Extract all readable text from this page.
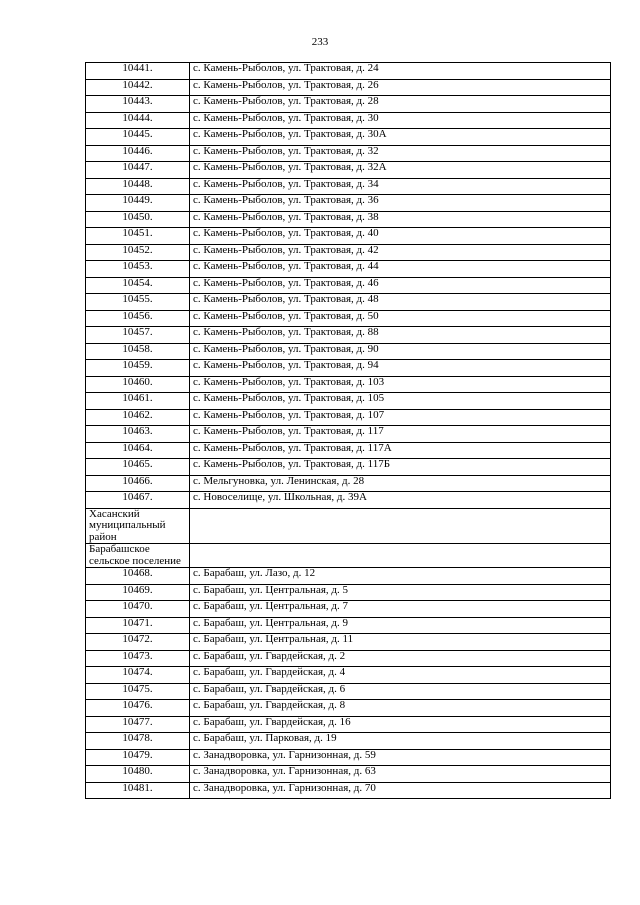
233
10441.	с. Камень-Рыболов, ул. Трактовая, д. 24
10442.	с. Камень-Рыболов, ул. Трактовая, д. 26
10443.	с. Камень-Рыболов, ул. Трактовая, д. 28
10444.	с. Камень-Рыболов, ул. Трактовая, д. 30
10445.	с. Камень-Рыболов, ул. Трактовая, д. 30А
10446.	с. Камень-Рыболов, ул. Трактовая, д. 32
10447.	с. Камень-Рыболов, ул. Трактовая, д. 32А
10448.	с. Камень-Рыболов, ул. Трактовая, д. 34
10449.	с. Камень-Рыболов, ул. Трактовая, д. 36
10450.	с. Камень-Рыболов, ул. Трактовая, д. 38
10451.	с. Камень-Рыболов, ул. Трактовая, д. 40
10452.	с. Камень-Рыболов, ул. Трактовая, д. 42
10453.	с. Камень-Рыболов, ул. Трактовая, д. 44
10454.	с. Камень-Рыболов, ул. Трактовая, д. 46
10455.	с. Камень-Рыболов, ул. Трактовая, д. 48
10456.	с. Камень-Рыболов, ул. Трактовая, д. 50
10457.	с. Камень-Рыболов, ул. Трактовая, д. 88
10458.	с. Камень-Рыболов, ул. Трактовая, д. 90
10459.	с. Камень-Рыболов, ул. Трактовая, д. 94
10460.	с. Камень-Рыболов, ул. Трактовая, д. 103
10461.	с. Камень-Рыболов, ул. Трактовая, д. 105
10462.	с. Камень-Рыболов, ул. Трактовая, д. 107
10463.	с. Камень-Рыболов, ул. Трактовая, д. 117
10464.	с. Камень-Рыболов, ул. Трактовая, д. 117А
10465.	с. Камень-Рыболов, ул. Трактовая, д. 117Б
10466.	с. Мельгуновка, ул. Ленинская, д. 28
10467.	с. Новоселище, ул. Школьная, д. 39А

Хасанский муниципальный район	

Барабашское сельское поселение	

10468.	с. Барабаш, ул. Лазо, д. 12
10469.	с. Барабаш, ул. Центральная, д. 5
10470.	с. Барабаш, ул. Центральная, д. 7
10471.	с. Барабаш, ул. Центральная, д. 9
10472.	с. Барабаш, ул. Центральная, д. 11
10473.	с. Барабаш, ул. Гвардейская, д. 2
10474.	с. Барабаш, ул. Гвардейская, д. 4
10475.	с. Барабаш, ул. Гвардейская, д. 6
10476.	с. Барабаш, ул. Гвардейская, д. 8
10477.	с. Барабаш, ул. Гвардейская, д. 16
10478.	с. Барабаш, ул. Парковая, д. 19
10479.	с. Занадворовка, ул. Гарнизонная, д. 59
10480.	с. Занадворовка, ул. Гарнизонная, д. 63
10481.	с. Занадворовка, ул. Гарнизонная, д. 70
